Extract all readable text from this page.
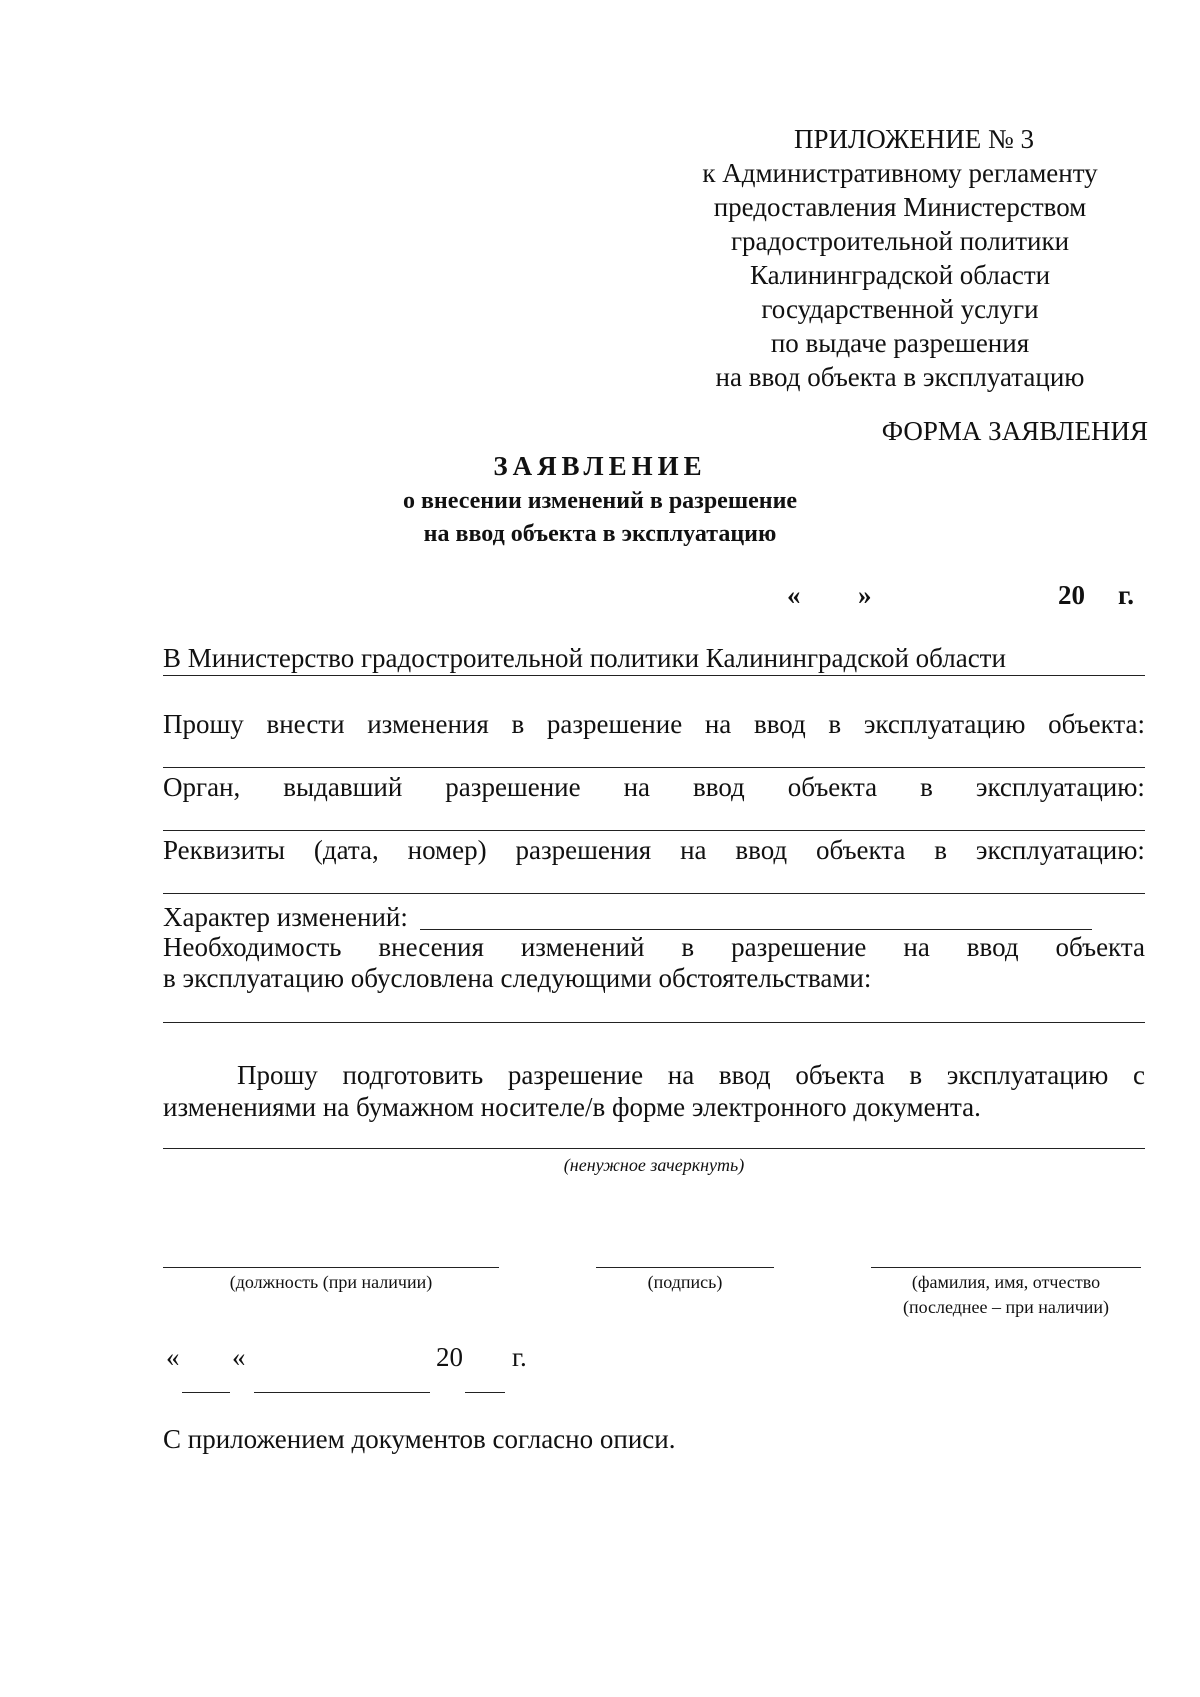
ПРИЛОЖЕНИЕ № 3
к Административному регламенту
предоставления Министерством
градостроительной политики
Калининградской области
государственной услуги
по выдаче разрешения
на ввод объекта в эксплуатацию
ФОРМА ЗАЯВЛЕНИЯ
ЗАЯВЛЕНИЕ
о внесении изменений в разрешение
на ввод объекта в эксплуатацию
« »	20 г.
В Министерство градостроительной политики Калининградской области
Прошу внести изменения в разрешение на ввод в эксплуатацию объекта:
Орган, выдавший разрешение на ввод объекта в эксплуатацию:
Реквизиты (дата, номер) разрешения на ввод объекта в эксплуатацию:
Характер изменений:
Необходимость внесения изменений в разрешение на ввод объекта
в эксплуатацию обусловлена следующими обстоятельствами:
Прошу подготовить разрешение на ввод объекта в эксплуатацию с
изменениями на бумажном носителе/в форме электронного документа.
(ненужное зачеркнуть)
(должность (при наличии)	(подпись)	(фамилия, имя, отчество
(последнее – при наличии)
« «	20 г.
С приложением документов согласно описи.
